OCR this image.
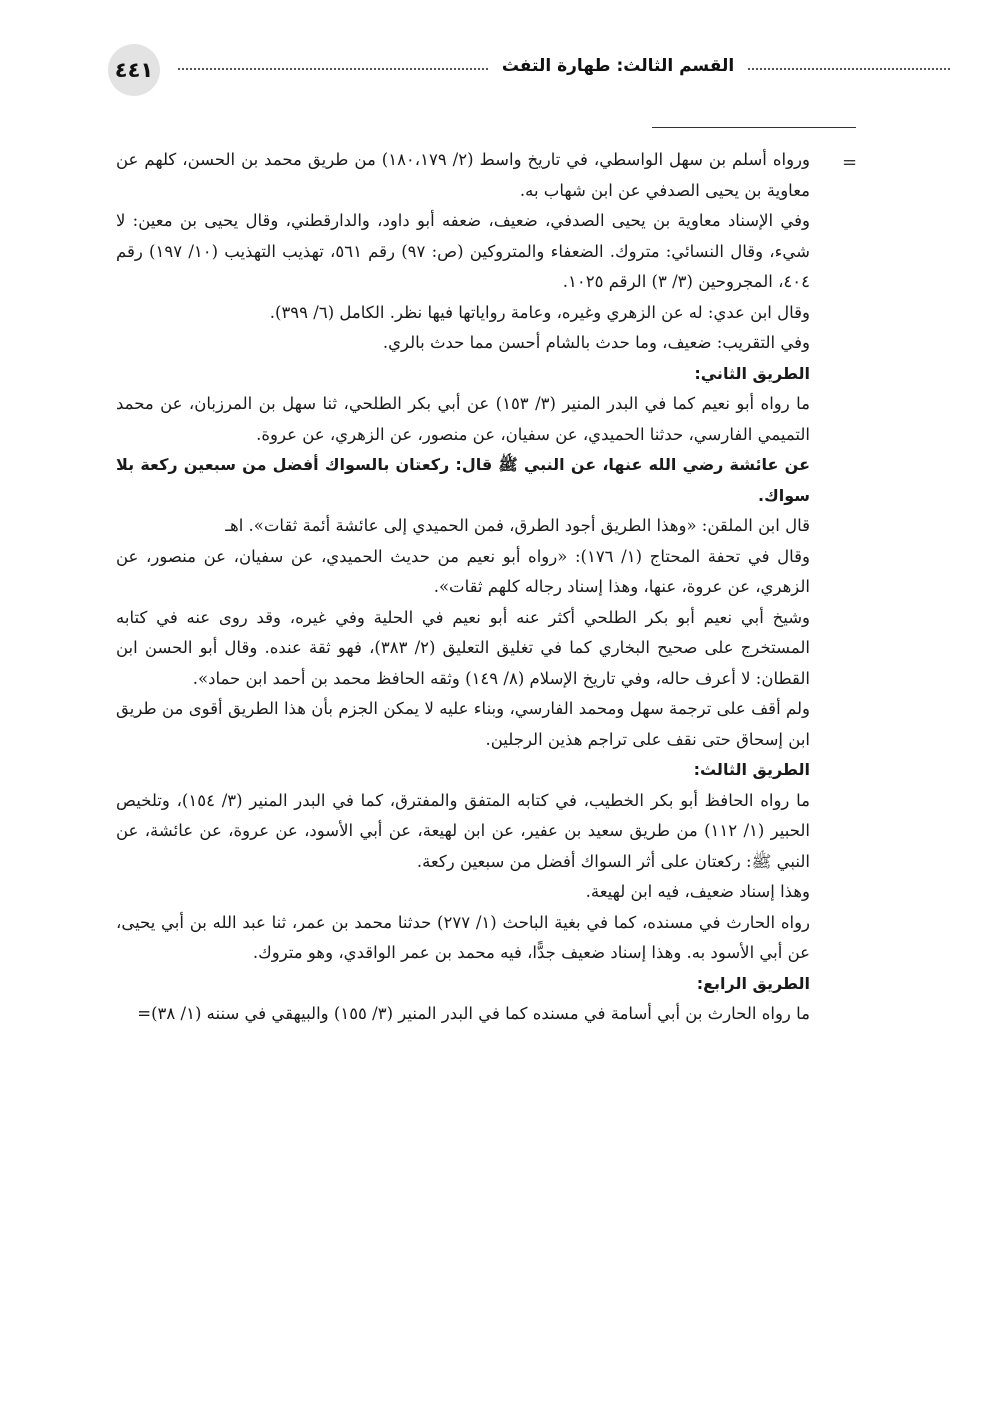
٤٤١	القسم الثالث: طهارة التفث
=

ورواه أسلم بن سهل الواسطي، في تاريخ واسط (٢/ ١٨٠،١٧٩) من طريق محمد بن الحسن، كلهم عن معاوية بن يحيى الصدفي عن ابن شهاب به.

وفي الإسناد معاوية بن يحيى الصدفي، ضعيف، ضعفه أبو داود، والدارقطني، وقال يحيى بن معين: لا شيء، وقال النسائي: متروك. الضعفاء والمتروكين (ص: ٩٧) رقم ٥٦١، تهذيب التهذيب (١٠/ ١٩٧) رقم ٤٠٤، المجروحين (٣/ ٣) الرقم ١٠٢٥.

وقال ابن عدي: له عن الزهري وغيره، وعامة رواياتها فيها نظر. الكامل (٦/ ٣٩٩).

وفي التقريب: ضعيف، وما حدث بالشام أحسن مما حدث بالري.

الطريق الثاني:

ما رواه أبو نعيم كما في البدر المنير (٣/ ١٥٣) عن أبي بكر الطلحي، ثنا سهل بن المرزبان، عن محمد التميمي الفارسي، حدثنا الحميدي، عن سفيان، عن منصور، عن الزهري، عن عروة.

عن عائشة رضي الله عنها، عن النبي ﷺ قال: ركعتان بالسواك أفضل من سبعين ركعة بلا سواك.

قال ابن الملقن: «وهذا الطريق أجود الطرق، فمن الحميدي إلى عائشة أئمة ثقات». اهـ

وقال في تحفة المحتاج (١/ ١٧٦): «رواه أبو نعيم من حديث الحميدي، عن سفيان، عن منصور، عن الزهري، عن عروة، عنها، وهذا إسناد رجاله كلهم ثقات».

وشيخ أبي نعيم أبو بكر الطلحي أكثر عنه أبو نعيم في الحلية وفي غيره، وقد روى عنه في كتابه المستخرج على صحيح البخاري كما في تغليق التعليق (٢/ ٣٨٣)، فهو ثقة عنده. وقال أبو الحسن ابن القطان: لا أعرف حاله، وفي تاريخ الإسلام (٨/ ١٤٩) وثقه الحافظ محمد بن أحمد ابن حماد».

ولم أقف على ترجمة سهل ومحمد الفارسي، وبناء عليه لا يمكن الجزم بأن هذا الطريق أقوى من طريق ابن إسحاق حتى نقف على تراجم هذين الرجلين.

الطريق الثالث:

ما رواه الحافظ أبو بكر الخطيب، في كتابه المتفق والمفترق، كما في البدر المنير (٣/ ١٥٤)، وتلخيص الحبير (١/ ١١٢) من طريق سعيد بن عفير، عن ابن لهيعة، عن أبي الأسود، عن عروة، عن عائشة، عن النبي ﷺ: ركعتان على أثر السواك أفضل من سبعين ركعة.

وهذا إسناد ضعيف، فيه ابن لهيعة.

رواه الحارث في مسنده، كما في بغية الباحث (١/ ٢٧٧) حدثنا محمد بن عمر، ثنا عبد الله بن أبي يحيى، عن أبي الأسود به. وهذا إسناد ضعيف جدًّا، فيه محمد بن عمر الواقدي، وهو متروك.

الطريق الرابع:

ما رواه الحارث بن أبي أسامة في مسنده كما في البدر المنير (٣/ ١٥٥) والبيهقي في سننه (١/ ٣٨)=
